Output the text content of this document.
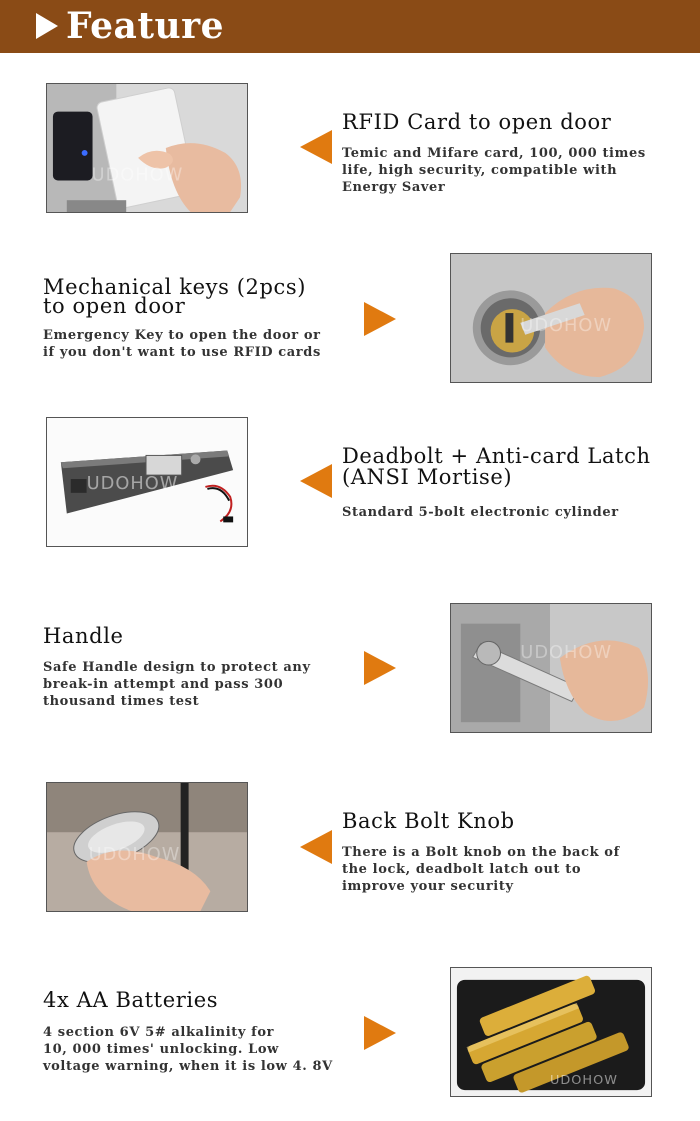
Feature
UDOHOW
RFID Card to open door
Temic and Mifare card, 100, 000 times
life, high security, compatible with
Energy Saver
Mechanical keys (2pcs)
to open door
Emergency Key to open the door or
if you don't want to use RFID cards
UDOHOW
UDOHOW
Deadbolt + Anti-card Latch
(ANSI Mortise)
Standard 5-bolt electronic cylinder
Handle
Safe Handle design to protect any
break-in attempt and pass 300
thousand times test
UDOHOW
UDOHOW
Back Bolt Knob
There is a Bolt knob on the back of
the lock, deadbolt latch out to
improve your security
4x AA Batteries
4 section 6V 5# alkalinity for
10, 000 times' unlocking. Low
voltage warning, when it is low 4. 8V
UDOHOW
